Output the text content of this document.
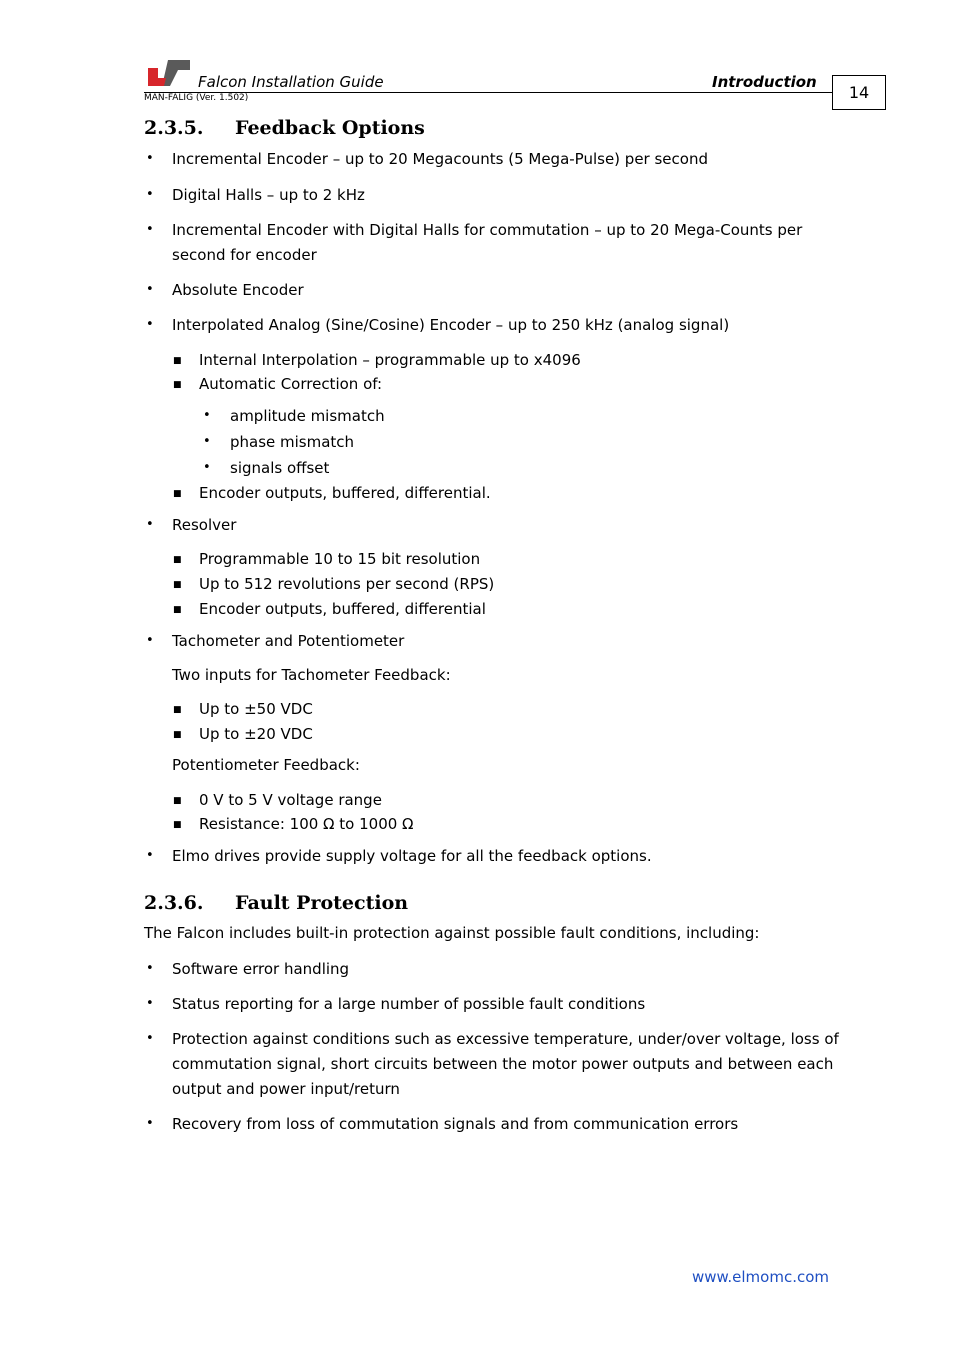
Falcon Installation Guide	Introduction
MAN-FALIG (Ver. 1.502)	14
2.3.5. Feedback Options
• Incremental Encoder – up to 20 Megacounts (5 Mega-Pulse) per second
• Digital Halls – up to 2 kHz
• Incremental Encoder with Digital Halls for commutation – up to 20 Mega-Counts per
second for encoder
• Absolute Encoder
• Interpolated Analog (Sine/Cosine) Encoder – up to 250 kHz (analog signal)
■ Internal Interpolation – programmable up to x4096
■ Automatic Correction of:
• amplitude mismatch
• phase mismatch
• signals offset
■ Encoder outputs, buffered, differential.
• Resolver
■ Programmable 10 to 15 bit resolution
■ Up to 512 revolutions per second (RPS)
■ Encoder outputs, buffered, differential
• Tachometer and Potentiometer
Two inputs for Tachometer Feedback:
■ Up to ±50 VDC
■ Up to ±20 VDC
Potentiometer Feedback:
■ 0 V to 5 V voltage range
■ Resistance: 100 Ω to 1000 Ω
• Elmo drives provide supply voltage for all the feedback options.
2.3.6. Fault Protection
The Falcon includes built-in protection against possible fault conditions, including:
• Software error handling
• Status reporting for a large number of possible fault conditions
• Protection against conditions such as excessive temperature, under/over voltage, loss of
commutation signal, short circuits between the motor power outputs and between each
output and power input/return
• Recovery from loss of commutation signals and from communication errors
www.elmomc.com
